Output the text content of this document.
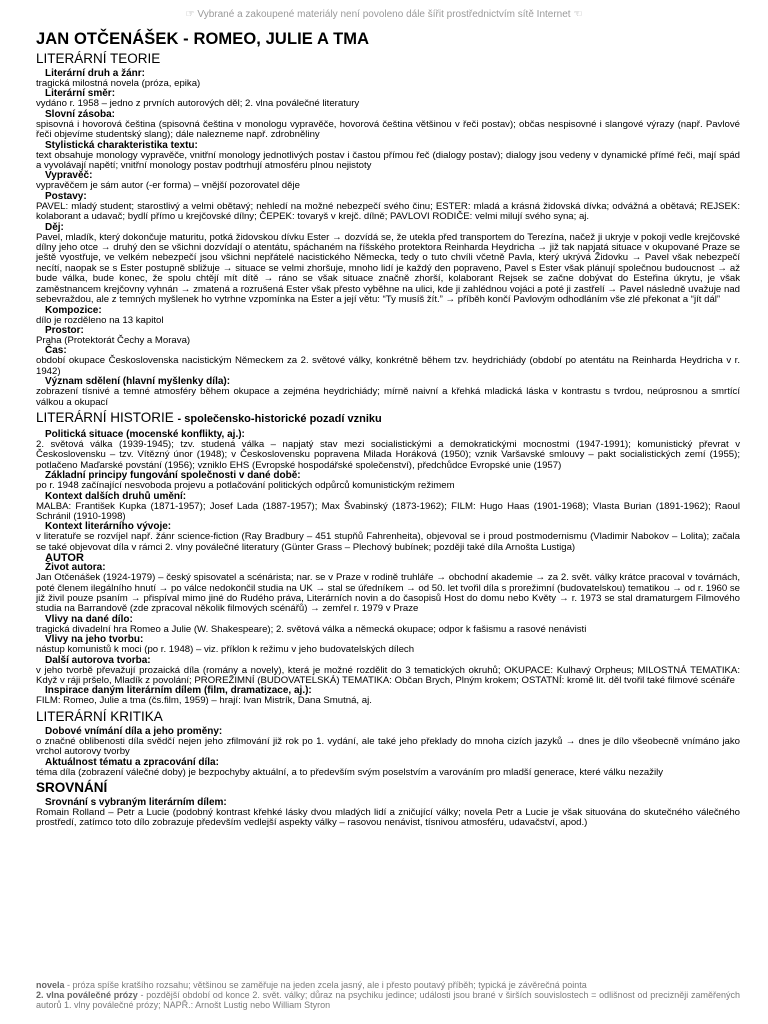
☞ Vybrané a zakoupené materiály není povoleno dále šířit prostřednictvím sítě Internet ☜
JAN OTČENÁŠEK - ROMEO, JULIE A TMA
LITERÁRNÍ TEORIE
Literární druh a žánr:
tragická milostná novela (próza, epika)
Literární směr:
vydáno r. 1958 – jedno z prvních autorových děl; 2. vlna poválečné literatury
Slovní zásoba:
spisovná i hovorová čeština (spisovná čeština v monologu vypravěče, hovorová čeština většinou v řeči postav); občas nespisovné i slangové výrazy (např. Pavlové řeči objevíme studentský slang); dále nalezneme např. zdrobněliny
Stylistická charakteristika textu:
text obsahuje monology vypravěče, vnitřní monology jednotlivých postav i častou přímou řeč (dialogy postav); dialogy jsou vedeny v dynamické přímé řeči, mají spád a vyvolávají napětí; vnitřní monology postav podtrhují atmosféru plnou nejistoty
Vypravěč:
vypravěčem je sám autor (-er forma) – vnější pozorovatel děje
Postavy:
PAVEL: mladý student; starostlivý a velmi obětavý; nehledí na možné nebezpečí svého činu; ESTER: mladá a krásná židovská dívka; odvážná a obětavá; REJSEK: kolaborant a udavač; bydlí přímo u krejčovské dílny; ČEPEK: tovaryš v krejč. dílně; PAVLOVI RODIČE: velmi milují svého syna; aj.
Děj:
Pavel, mladík, který dokončuje maturitu, potká židovskou dívku Ester → dozvídá se, že utekla před transportem do Terezína, načež ji ukryje v pokoji vedle krejčovské dílny jeho otce → druhý den se všichni dozvídají o atentátu, spáchaném na říšského protektora Reinharda Heydricha → již tak napjatá situace v okupované Praze se ještě vyostřuje, ve velkém nebezpečí jsou všichni nepřátelé nacistického Německa, tedy o tuto chvíli včetně Pavla, který ukrývá Židovku → Pavel však nebezpečí necítí, naopak se s Ester postupně sbližuje → situace se velmi zhoršuje, mnoho lidí je každý den popraveno, Pavel s Ester však plánují společnou budoucnost → až bude válka, bude konec, že spolu chtějí mít dítě → ráno se však situace značně zhorší, kolaborant Rejsek se začne dobývat do Esteřina úkrytu, je však zaměstnancem krejčovny vyhnán → zmatená a rozrušená Ester však přesto vyběhne na ulici, kde ji zahlédnou vojáci a poté ji zastřelí → Pavel následně uvažuje nad sebevraždou, ale z temných myšlenek ho vytrhne vzpomínka na Ester a její větu: “Ty musíš žít.” → příběh končí Pavlovým odhodláním vše zlé překonat a “jít dál”
Kompozice:
dílo je rozděleno na 13 kapitol
Prostor:
Praha (Protektorát Čechy a Morava)
Čas:
období okupace Československa nacistickým Německem za 2. světové války, konkrétně během tzv. heydrichiády (období po atentátu na Reinharda Heydricha v r. 1942)
Význam sdělení (hlavní myšlenky díla):
zobrazení tísnivé a temné atmosféry během okupace a zejména heydrichiády; mírně naivní a křehká mladická láska v kontrastu s tvrdou, neúprosnou a smrtící válkou a okupací
LITERÁRNÍ HISTORIE - společensko-historické pozadí vzniku
Politická situace (mocenské konflikty, aj.):
2. světová válka (1939-1945); tzv. studená válka – napjatý stav mezi socialistickými a demokratickými mocnostmi (1947-1991); komunistický převrat v Československu – tzv. Vítězný únor (1948); v Československu popravena Milada Horáková (1950); vznik Varšavské smlouvy – pakt socialistických zemí (1955); potlačeno Maďarské povstání (1956); vzniklo EHS (Evropské hospodářské společenství), předchůdce Evropské unie (1957)
Základní principy fungování společnosti v dané době:
po r. 1948 začínající nesvoboda projevu a potlačování politických odpůrců komunistickým režimem
Kontext dalších druhů umění:
MALBA: František Kupka (1871-1957); Josef Lada (1887-1957); Max Švabinský (1873-1962); FILM: Hugo Haas (1901-1968); Vlasta Burian (1891-1962); Raoul Schránil (1910-1998)
Kontext literárního vývoje:
v literatuře se rozvíjel např. žánr science-fiction (Ray Bradbury – 451 stupňů Fahrenheita), objevoval se i proud postmodernismu (Vladimir Nabokov – Lolita); začala se také objevovat díla v rámci 2. vlny poválečné literatury (Günter Grass – Plechový bubínek; později také díla Arnošta Lustiga)
AUTOR
Život autora:
Jan Otčenášek (1924-1979) – český spisovatel a scénárista; nar. se v Praze v rodině truhláře → obchodní akademie → za 2. svět. války krátce pracoval v továrnách, poté členem ilegálního hnutí → po válce nedokončil studia na UK → stal se úředníkem → od 50. let tvořil díla s prorežimní (budovatelskou) tematikou → od r. 1960 se již živil pouze psaním → přispíval mimo jiné do Rudého práva, Literárních novin a do časopisů Host do domu nebo Květy → r. 1973 se stal dramaturgem Filmového studia na Barrandově (zde zpracoval několik filmových scénářů) → zemřel r. 1979 v Praze
Vlivy na dané dílo:
tragická divadelní hra Romeo a Julie (W. Shakespeare); 2. světová válka a německá okupace; odpor k fašismu a rasové nenávisti
Vlivy na jeho tvorbu:
nástup komunistů k moci (po r. 1948) – viz. příklon k režimu v jeho budovatelských dílech
Další autorova tvorba:
v jeho tvorbě převažují prozaická díla (romány a novely), která je možné rozdělit do 3 tematických okruhů; OKUPACE: Kulhavý Orpheus; MILOSTNÁ TEMATIKA: Když v ráji pršelo, Mladík z povolání; PROREŽIMNÍ (BUDOVATELSKÁ) TEMATIKA: Občan Brych, Plným krokem; OSTATNÍ: kromě lit. děl tvořil také filmové scénáře
Inspirace daným literárním dílem (film, dramatizace, aj.):
FILM: Romeo, Julie a tma (čs.film, 1959) – hrají: Ivan Mistrík, Dana Smutná, aj.
LITERÁRNÍ KRITIKA
Dobové vnímání díla a jeho proměny:
o značné oblibenosti díla svědčí nejen jeho zfilmování již rok po 1. vydání, ale také jeho překlady do mnoha cizích jazyků → dnes je dílo všeobecně vnímáno jako vrchol autorovy tvorby
Aktuálnost tématu a zpracování díla:
téma díla (zobrazení válečné doby) je bezpochyby aktuální, a to především svým poselstvím a varováním pro mladší generace, které válku nezažily
SROVNÁNÍ
Srovnání s vybraným literárním dílem:
Romain Rolland – Petr a Lucie (podobný kontrast křehké lásky dvou mladých lidí a zničující války; novela Petr a Lucie je však situována do skutečného válečného prostředí, zatímco toto dílo zobrazuje především vedlejší aspekty války – rasovou nenávist, tísnivou atmosféru, udavačství, apod.)
novela - próza spíše kratšího rozsahu; většinou se zaměřuje na jeden zcela jasný, ale i přesto poutavý příběh; typická je závěrečná pointa
2. vlna poválečné prózy - pozdější období od konce 2. svět. války; důraz na psychiku jedince; události jsou brané v širších souvislostech = odlišnost od precizněji zaměřených autorů 1. vlny poválečné prózy; NAPŘ.: Arnošt Lustig nebo William Styron
